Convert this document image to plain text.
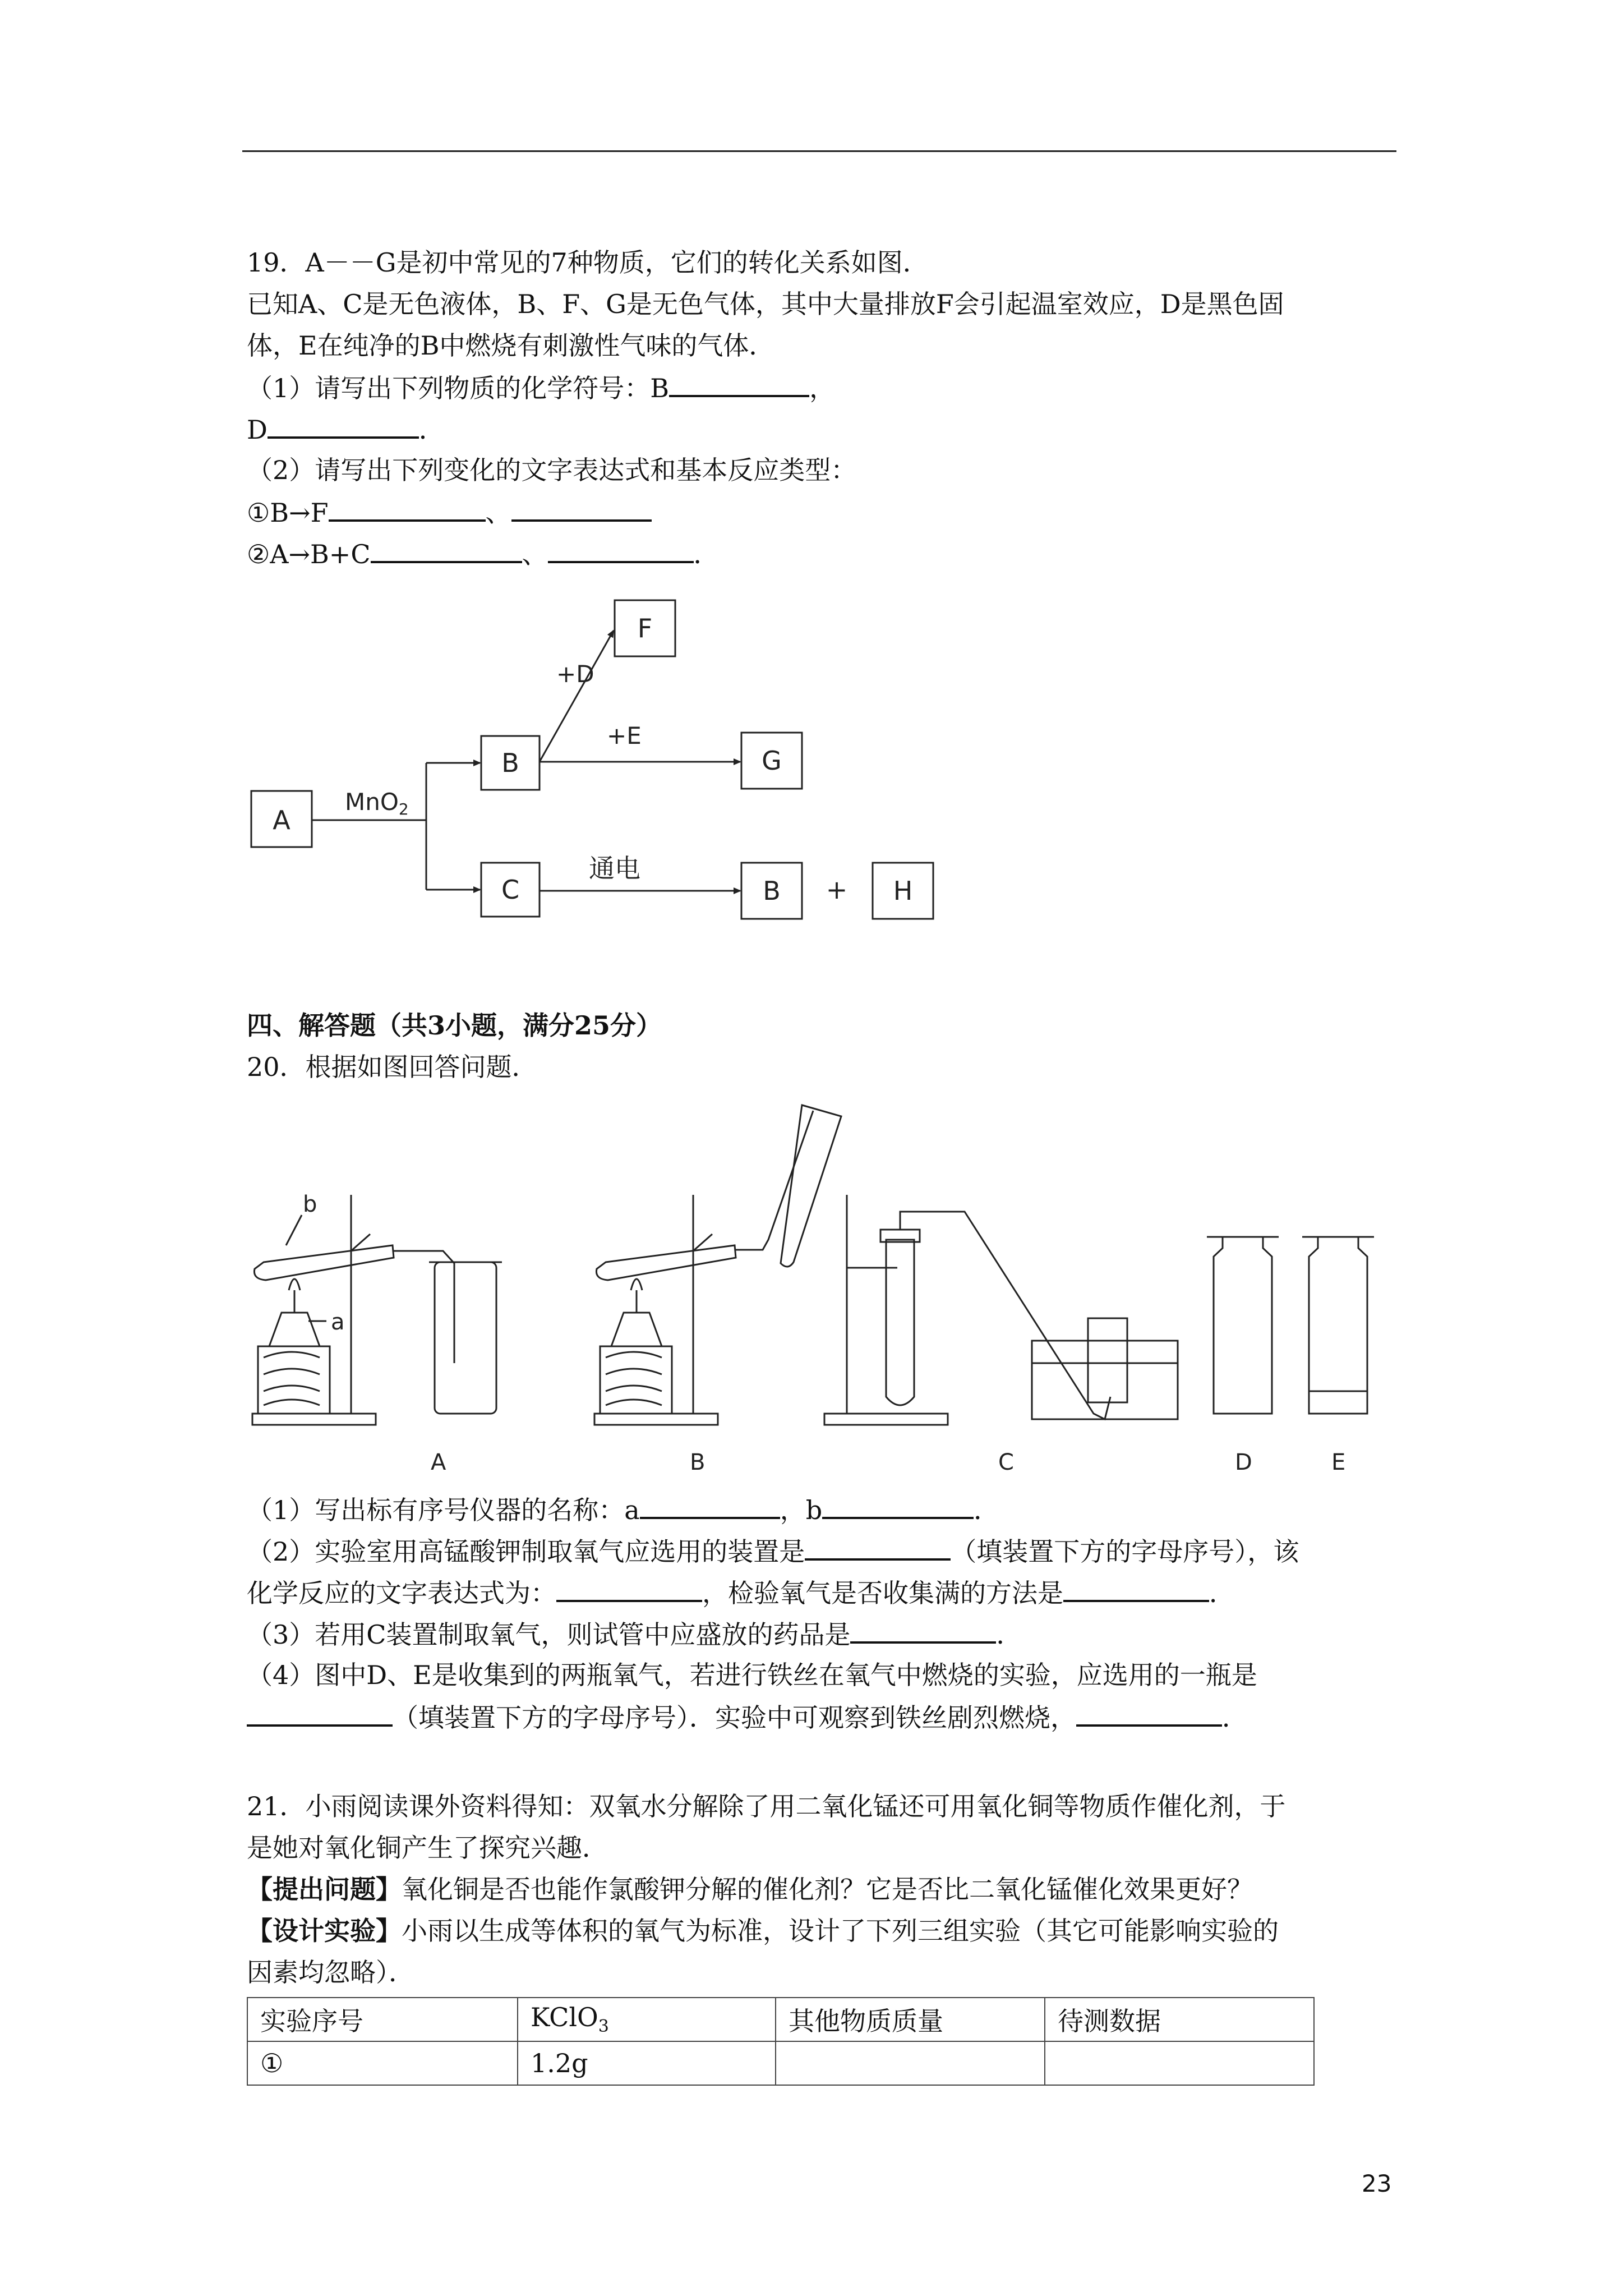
19．A－－G是初中常见的7种物质，它们的转化关系如图．
已知A、C是无色液体，B、F、G是无色气体，其中大量排放F会引起温室效应，D是黑色固
体，E在纯净的B中燃烧有刺激性气味的气体．
（1）请写出下列物质的化学符号：B	，
D	．
（2）请写出下列变化的文字表达式和基本反应类型：
①B→F	、
②A→B+C	、	．
A
B
C
F
G
B	H
+
+D
+E
通电
MnO2
四、解答题（共3小题，满分25分）
20．根据如图回答问题．
a
b
A	B	C	D	E
（1）写出标有序号仪器的名称：a	，b	．
（2）实验室用高锰酸钾制取氧气应选用的装置是	（填装置下方的字母序号），该
化学反应的文字表达式为：	，检验氧气是否收集满的方法是	．
（3）若用C装置制取氧气，则试管中应盛放的药品是	．
（4）图中D、E是收集到的两瓶氧气，若进行铁丝在氧气中燃烧的实验，应选用的一瓶是
（填装置下方的字母序号）．实验中可观察到铁丝剧烈燃烧，	．
21．小雨阅读课外资料得知：双氧水分解除了用二氧化锰还可用氧化铜等物质作催化剂，于
是她对氧化铜产生了探究兴趣．
【提出问题】氧化铜是否也能作氯酸钾分解的催化剂？它是否比二氧化锰催化效果更好？
【设计实验】小雨以生成等体积的氧气为标准，设计了下列三组实验（其它可能影响实验的
因素均忽略）．
实验序号	KClO$_3$	其他物质质量	待测数据
①	1.2g		
23
